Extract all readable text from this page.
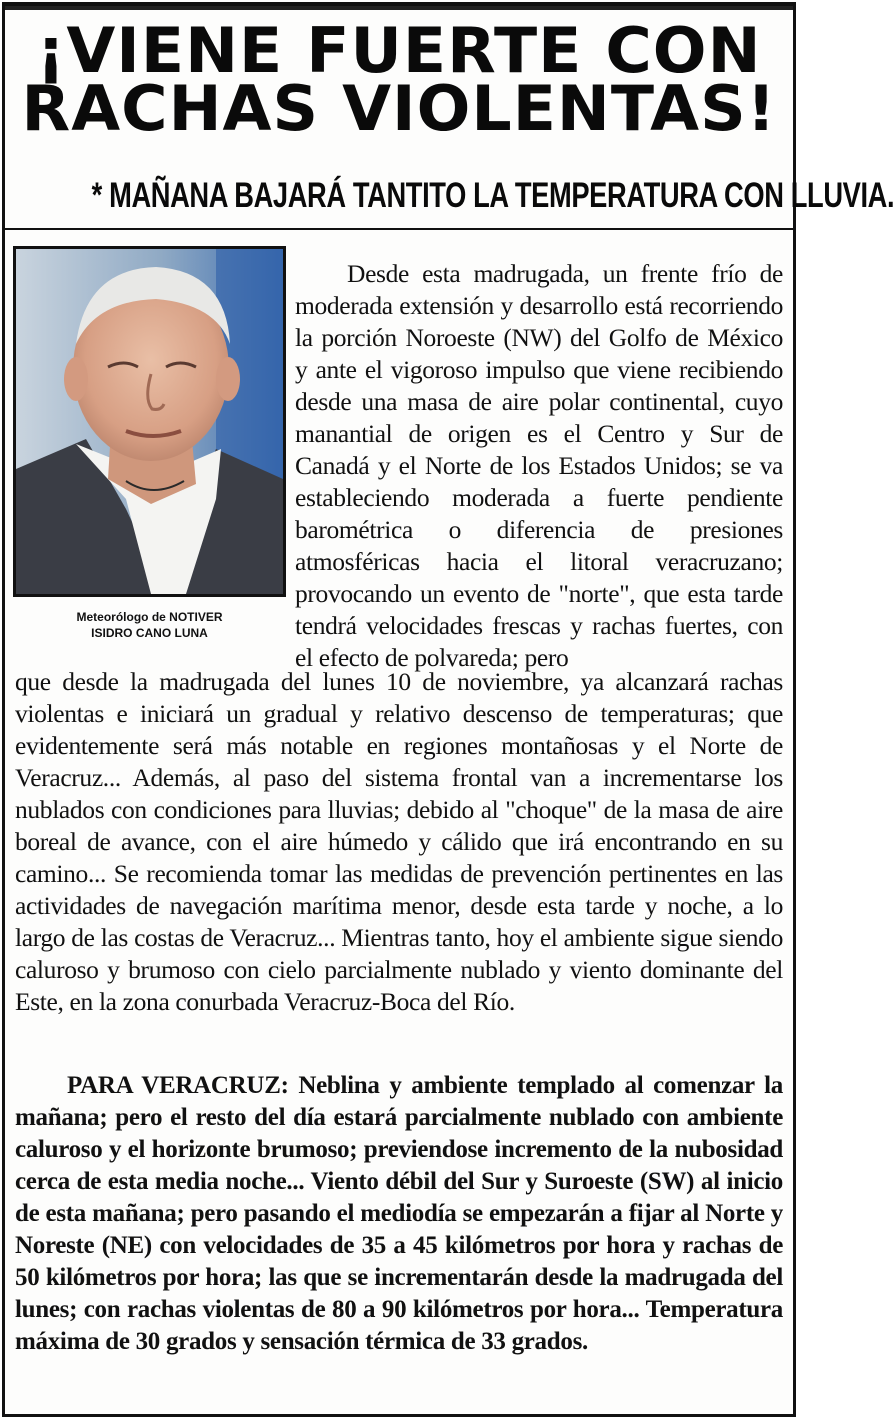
¡VIENE FUERTE CON
RACHAS VIOLENTAS!
* MAÑANA BAJARÁ TANTITO LA TEMPERATURA CON LLUVIA.
Meteorólogo de NOTIVER
ISIDRO CANO LUNA

Desde esta madrugada, un frente frío de moderada extensión y desarrollo está recorriendo la porción Noroeste (NW) del Golfo de México y ante el vigoroso impulso que viene recibiendo desde una masa de aire polar continental, cuyo manantial de origen es el Centro y Sur de Canadá y el Norte de los Estados Unidos; se va estableciendo moderada a fuerte pendiente barométrica o diferencia de presiones atmosféricas hacia el litoral veracruzano; provocando un evento de "norte", que esta tarde tendrá velocidades frescas y rachas fuertes, con el efecto de polvareda; pero

que desde la madrugada del lunes 10 de noviembre, ya alcanzará rachas violentas e iniciará un gradual y relativo descenso de temperaturas; que evidentemente será más notable en regiones montañosas y el Norte de Veracruz... Además, al paso del sistema frontal van a incrementarse los nublados con condiciones para lluvias; debido al "choque" de la masa de aire boreal de avance, con el aire húmedo y cálido que irá encontrando en su camino... Se recomienda tomar las medidas de prevención pertinentes en las actividades de navegación marítima menor, desde esta tarde y noche, a lo largo de las costas de Veracruz... Mientras tanto, hoy el ambiente sigue siendo caluroso y brumoso con cielo parcialmente nublado y viento dominante del Este, en la zona conurbada Veracruz-Boca del Río.

PARA VERACRUZ: Neblina y ambiente templado al comenzar la mañana; pero el resto del día estará parcialmente nublado con ambiente caluroso y el horizonte brumoso; previendose incremento de la nubosidad cerca de esta media noche... Viento débil del Sur y Suroeste (SW) al inicio de esta mañana; pero pasando el mediodía se empezarán a fijar al Norte y Noreste (NE) con velocidades de 35 a 45 kilómetros por hora y rachas de 50 kilómetros por hora; las que se incrementarán desde la madrugada del lunes; con rachas violentas de 80 a 90 kilómetros por hora... Temperatura máxima de 30 grados y sensación térmica de 33 grados.
